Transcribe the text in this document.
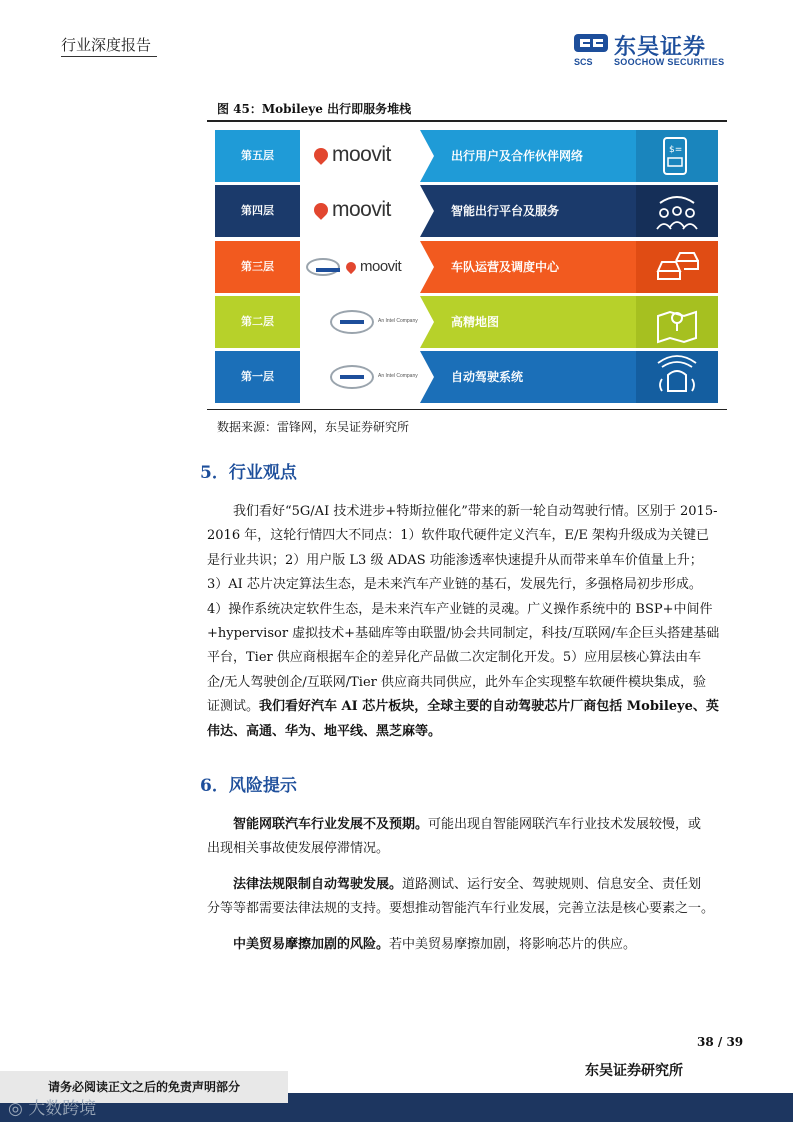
行业深度报告
SCS
东吴证券
SOOCHOW SECURITIES
图 45：Mobileye 出行即服务堆栈
第五层	moovit	出行用户及合作伙伴网络	$=
第四层	moovit	智能出行平台及服务
第三层	moovit	车队运营及调度中心
第二层	An Intel Company	高精地图
第一层	An Intel Company	自动驾驶系统
数据来源：雷锋网，东吴证券研究所
5．行业观点
我们看好“5G/AI 技术进步+特斯拉催化”带来的新一轮自动驾驶行情。区别于 2015-
2016 年，这轮行情四大不同点：1）软件取代硬件定义汽车，E/E 架构升级成为关键已
是行业共识；2）用户版 L3 级 ADAS 功能渗透率快速提升从而带来单车价值量上升；
3）AI 芯片决定算法生态，是未来汽车产业链的基石，发展先行，多强格局初步形成。
4）操作系统决定软件生态，是未来汽车产业链的灵魂。广义操作系统中的 BSP+中间件
+hypervisor 虚拟技术+基础库等由联盟/协会共同制定，科技/互联网/车企巨头搭建基础
平台，Tier 供应商根据车企的差异化产品做二次定制化开发。5）应用层核心算法由车
企/无人驾驶创企/互联网/Tier 供应商共同供应，此外车企实现整车软硬件模块集成，验
证测试。我们看好汽车 AI 芯片板块，全球主要的自动驾驶芯片厂商包括 Mobileye、英
伟达、高通、华为、地平线、黑芝麻等。
6．风险提示
智能网联汽车行业发展不及预期。可能出现自智能网联汽车行业技术发展较慢，或
出现相关事故使发展停滞情况。
法律法规限制自动驾驶发展。道路测试、运行安全、驾驶规则、信息安全、责任划
分等等都需要法律法规的支持。要想推动智能汽车行业发展，完善立法是核心要素之一。
中美贸易摩擦加剧的风险。若中美贸易摩擦加剧，将影响芯片的供应。
38 / 39
东吴证券研究所
请务必阅读正文之后的免责声明部分
◎ 大数跨境
